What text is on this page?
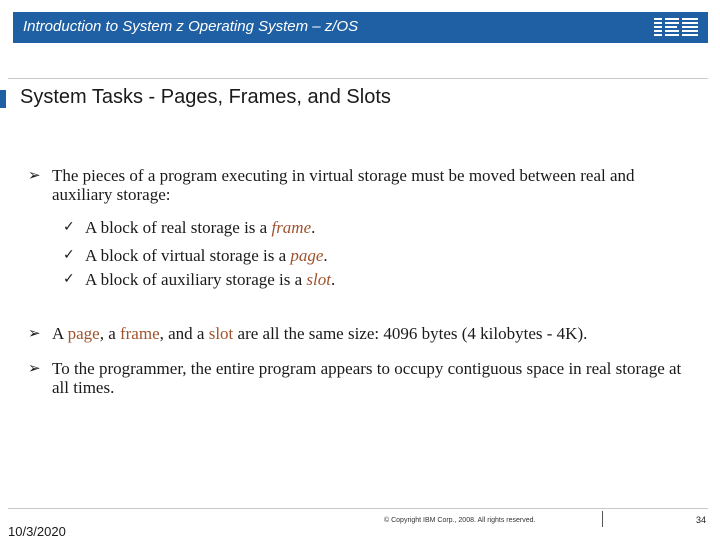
Introduction to System z Operating System – z/OS
System Tasks - Pages, Frames, and Slots
➢ The pieces of a program executing in virtual storage must be moved between real and auxiliary storage:
✓ A block of real storage is a frame.
✓ A block of virtual storage is a page.
✓ A block of auxiliary storage is a slot.
➢ A page, a frame, and a slot are all the same size: 4096 bytes (4 kilobytes - 4K).
➢ To the programmer, the entire program appears to occupy contiguous space in real storage at all times.
10/3/2020
© Copyright IBM Corp., 2008. All rights reserved.	34
